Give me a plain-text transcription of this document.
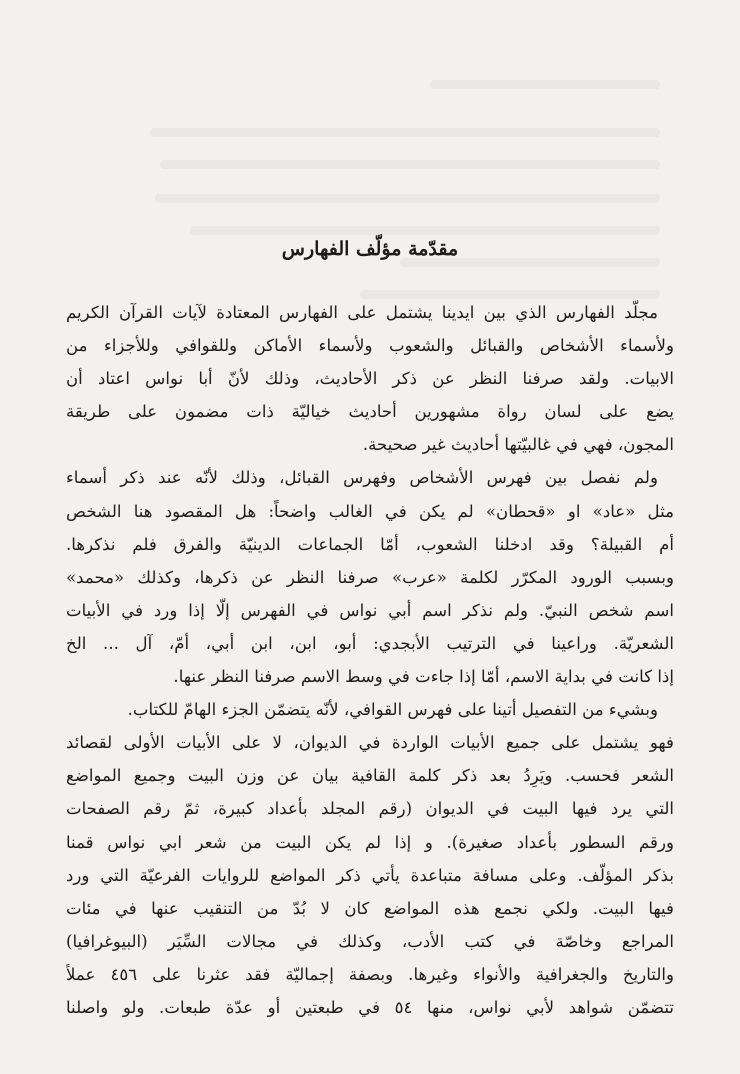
مقدّمة مؤلّف الفهارس
مجلّد الفهارس الذي بين ايدينا يشتمل على الفهارس المعتادة لآيات القرآن الكريم
ولأسماء الأشخاص والقبائل والشعوب ولأسماء الأماكن وللقوافي وللأجزاء من
الابيات. ولقد صرفنا النظر عن ذكر الأحاديث، وذلك لأنّ أبا نواس اعتاد أن
يضع على لسان رواة مشهورين أحاديث خياليّة ذات مضمون على طريقة
المجون، فهي في غالبيّتها أحاديث غير صحيحة.
ولم نفصل بين فهرس الأشخاص وفهرس القبائل، وذلك لأنّه عند ذكر أسماء
مثل «عاد» او «قحطان» لم يكن في الغالب واضحاً: هل المقصود هنا الشخص
أم القبيلة؟ وقد ادخلنا الشعوب، أمّا الجماعات الدينيّة والفرق فلم نذكرها.
وبسبب الورود المكرّر لكلمة «عرب» صرفنا النظر عن ذكرها، وكذلك «محمد»
اسم شخص النبيّ. ولم نذكر اسم أبي نواس في الفهرس إلّا إذا ورد في الأبيات
الشعريّة. وراعينا في الترتيب الأبجدي: أبو، ابن، ابن أبي، أمّ، آل ... الخ
إذا كانت في بداية الاسم، أمّا إذا جاءت في وسط الاسم صرفنا النظر عنها.
وبشيء من التفصيل أتينا على فهرس القوافي، لأنّه يتضمّن الجزء الهامّ للكتاب.
فهو يشتمل على جميع الأبيات الواردة في الديوان، لا على الأبيات الأولى لقصائد
الشعر فحسب. ويَرِدُ بعد ذكر كلمة القافية بيان عن وزن البيت وجميع المواضع
التي يرد فيها البيت في الديوان (رقم المجلد بأعداد كبيرة، ثمّ رقم الصفحات
ورقم السطور بأعداد صغيرة). و إذا لم يكن البيت من شعر ابي نواس قمنا
بذكر المؤلّف. وعلى مسافة متباعدة يأتي ذكر المواضع للروايات الفرعيّة التي ورد
فيها البيت. ولكي نجمع هذه المواضع كان لا بُدّ من التنقيب عنها في مئات
المراجع وخاصّة في كتب الأدب، وكذلك في مجالات السِّيَر (البيوغرافيا)
والتاريخ والجغرافية والأنواء وغيرها. وبصفة إجماليّة فقد عثرنا على ٤٥٦ عملاً
تتضمّن شواهد لأبي نواس، منها ٥٤ في طبعتين أو عدّة طبعات. ولو واصلنا
